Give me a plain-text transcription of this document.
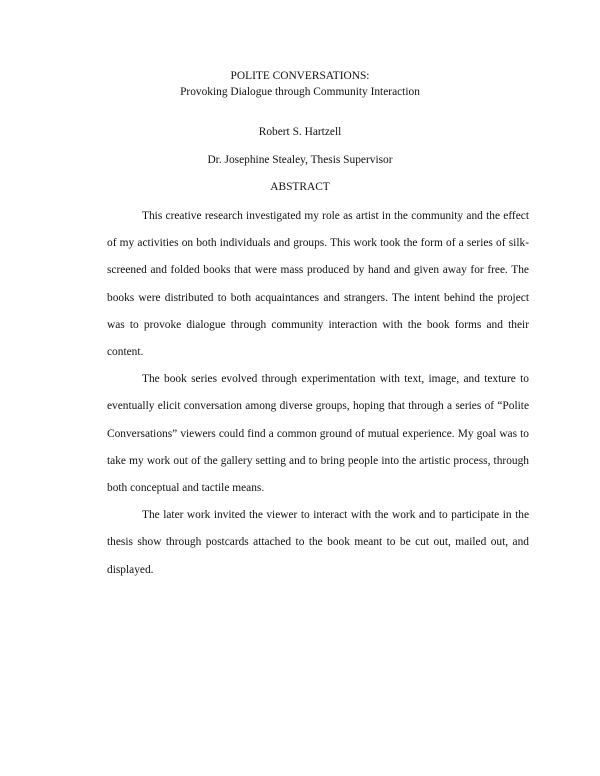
POLITE CONVERSATIONS:
Provoking Dialogue through Community Interaction
Robert S. Hartzell
Dr. Josephine Stealey, Thesis Supervisor
ABSTRACT

This creative research investigated my role as artist in the community and the effect of my activities on both individuals and groups. This work took the form of a series of silk-screened and folded books that were mass produced by hand and given away for free. The books were distributed to both acquaintances and strangers. The intent behind the project was to provoke dialogue through community interaction with the book forms and their content.

The book series evolved through experimentation with text, image, and texture to eventually elicit conversation among diverse groups, hoping that through a series of “Polite Conversations” viewers could find a common ground of mutual experience. My goal was to take my work out of the gallery setting and to bring people into the artistic process, through both conceptual and tactile means.

The later work invited the viewer to interact with the work and to participate in the thesis show through postcards attached to the book meant to be cut out, mailed out, and displayed.
